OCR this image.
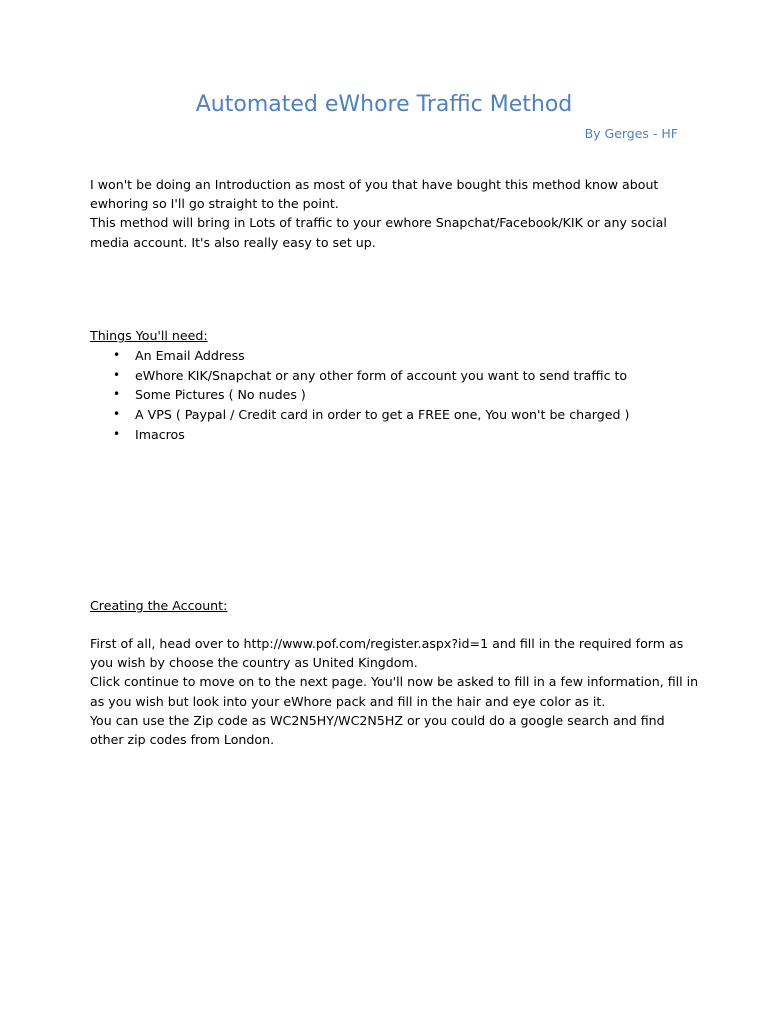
Automated eWhore Traffic Method
By Gerges - HF
I won't be doing an Introduction as most of you that have bought this method know about
ewhoring so I'll go straight to the point.
This method will bring in Lots of traffic to your ewhore Snapchat/Facebook/KIK or any social
media account. It's also really easy to set up.
Things You'll need:
• An Email Address
• eWhore KIK/Snapchat or any other form of account you want to send traffic to
• Some Pictures ( No nudes )
• A VPS ( Paypal / Credit card in order to get a FREE one, You won't be charged )
• Imacros
Creating the Account:
First of all, head over to http://www.pof.com/register.aspx?id=1 and fill in the required form as
you wish by choose the country as United Kingdom.
Click continue to move on to the next page. You'll now be asked to fill in a few information, fill in
as you wish but look into your eWhore pack and fill in the hair and eye color as it.
You can use the Zip code as WC2N5HY/WC2N5HZ or you could do a google search and find
other zip codes from London.
